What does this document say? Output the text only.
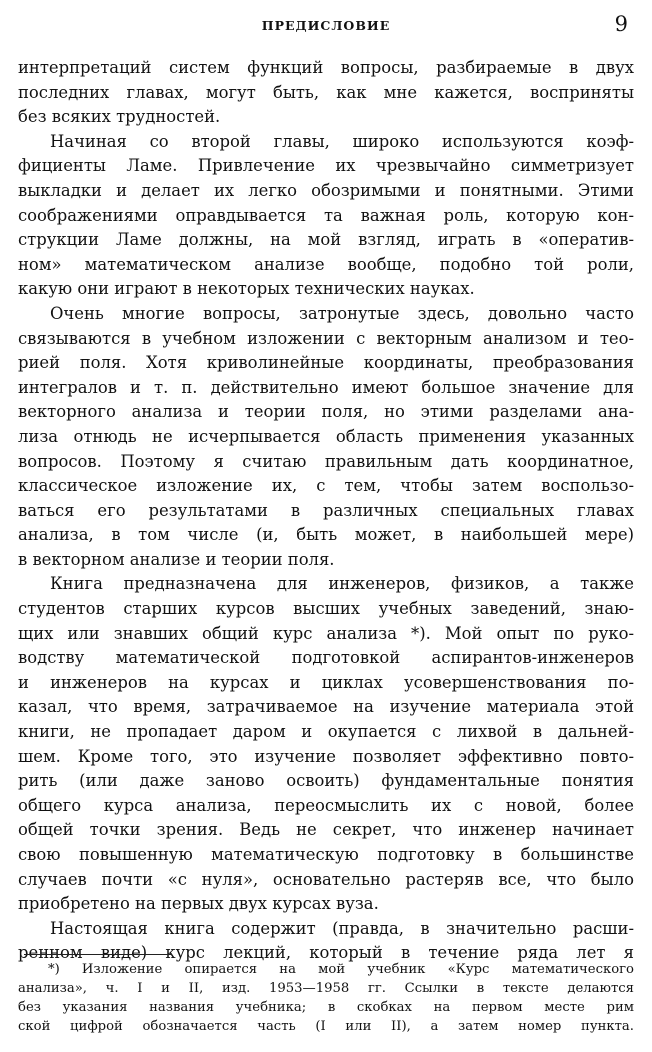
ПРЕДИСЛОВИЕ	9
интерпретаций систем функций вопросы, разбираемые в двух
последних главах, могут быть, как мне кажется, восприняты
без всяких трудностей.
Начиная со второй главы, широко используются коэф-
фициенты Ламе. Привлечение их чрезвычайно симметризует
выкладки и делает их легко обозримыми и понятными. Этими
соображениями оправдывается та важная роль, которую кон-
струкции Ламе должны, на мой взгляд, играть в «оператив-
ном» математическом анализе вообще, подобно той роли,
какую они играют в некоторых технических науках.
Очень многие вопросы, затронутые здесь, довольно часто
связываются в учебном изложении с векторным анализом и тео-
рией поля. Хотя криволинейные координаты, преобразования
интегралов и т. п. действительно имеют большое значение для
векторного анализа и теории поля, но этими разделами ана-
лиза отнюдь не исчерпывается область применения указанных
вопросов. Поэтому я считаю правильным дать координатное,
классическое изложение их, с тем, чтобы затем воспользо-
ваться его результатами в различных специальных главах
анализа, в том числе (и, быть может, в наибольшей мере)
в векторном анализе и теории поля.
Книга предназначена для инженеров, физиков, а также
студентов старших курсов высших учебных заведений, знаю-
щих или знавших общий курс анализа *). Мой опыт по руко-
водству математической подготовкой аспирантов-инженеров
и инженеров на курсах и циклах усовершенствования по-
казал, что время, затрачиваемое на изучение материала этой
книги, не пропадает даром и окупается с лихвой в дальней-
шем. Кроме того, это изучение позволяет эффективно повто-
рить (или даже заново освоить) фундаментальные понятия
общего курса анализа, переосмыслить их с новой, более
общей точки зрения. Ведь не секрет, что инженер начинает
свою повышенную математическую подготовку в большинстве
случаев почти «с нуля», основательно растеряв все, что было
приобретено на первых двух курсах вуза.
Настоящая книга содержит (правда, в значительно расши-
ренном виде) курс лекций, который в течение ряда лет я
*) Изложение опирается на мой учебник «Курс математического
анализа», ч. I и II, изд. 1953—1958 гг. Ссылки в тексте делаются
без указания названия учебника; в скобках на первом месте рим
ской цифрой обозначается часть (I или II), а затем номер пункта.
